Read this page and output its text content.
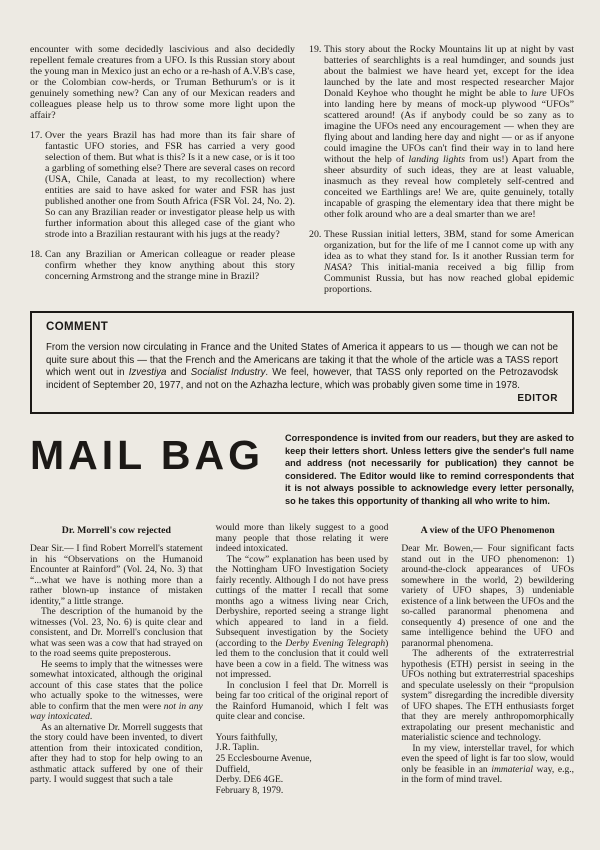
encounter with some decidedly lascivious and also decidedly repellent female creatures from a UFO. Is this Russian story about the young man in Mexico just an echo or a re-hash of A.V.B's case, or the Colombian cow-herds, or Truman Bethurum's or is it genuinely something new? Can any of our Mexican readers and colleagues please help us to throw some more light upon the affair?

17. Over the years Brazil has had more than its fair share of fantastic UFO stories, and FSR has carried a very good selection of them. But what is this? Is it a new case, or is it too a garbling of something else? There are several cases on record (USA, Chile, Canada at least, to my recollection) where entities are said to have asked for water and FSR has just published another one from South Africa (FSR Vol. 24, No. 2). So can any Brazilian reader or investigator please help us with further information about this alleged case of the giant who strode into a Brazilian restaurant with his jugs at the ready?
18. Can any Brazilian or American colleague or reader please confirm whether they know anything about this story concerning Armstrong and the strange mine in Brazil?
19. This story about the Rocky Mountains lit up at night by vast batteries of searchlights is a real humdinger, and sounds just about the balmiest we have heard yet, except for the idea launched by the late and most respected researcher Major Donald Keyhoe who thought he might be able to lure UFOs into landing here by means of mock-up plywood “UFOs” scattered around! (As if anybody could be so zany as to imagine the UFOs need any encouragement — when they are flying about and landing here day and night — or as if anyone could imagine the UFOs can't find their way in to land here without the help of landing lights from us!) Apart from the sheer absurdity of such ideas, they are at least valuable, inasmuch as they reveal how completely self-centred and conceited we Earthlings are! We are, quite genuinely, totally incapable of grasping the elementary idea that there might be other folk around who are a deal smarter than we are!
20. These Russian initial letters, ЗВМ, stand for some American organization, but for the life of me I cannot come up with any idea as to what they stand for. Is it another Russian term for NASA? This initial-mania received a big fillip from Communist Russia, but has now reached global epidemic proportions.
COMMENT

From the version now circulating in France and the United States of America it appears to us — though we can not be quite sure about this — that the French and the Americans are taking it that the whole of the article was a TASS report which went out in Izvestiya and Socialist Industry. We feel, however, that TASS only reported on the Petrozavodsk incident of September 20, 1977, and not on the Azhazha lecture, which was probably given some time in 1978.

EDITOR
MAIL BAG	Correspondence is invited from our readers, but they are asked to keep their letters short. Unless letters give the sender's full name and address (not necessarily for publication) they cannot be considered. The Editor would like to remind correspondents that it is not always possible to acknowledge every letter personally, so he takes this opportunity of thanking all who write to him.

Dr. Morrell's cow rejected

Dear Sir.— I find Robert Morrell's statement in his “Observations on the Humanoid Encounter at Rainford” (Vol. 24, No. 3) that “...what we have is nothing more than a rather blown-up instance of mistaken identity,” a little strange.

The description of the humanoid by the witnesses (Vol. 23, No. 6) is quite clear and consistent, and Dr. Morrell's conclusion that what was seen was a cow that had strayed on to the road seems quite preposterous.

He seems to imply that the witnesses were somewhat intoxicated, although the original account of this case states that the police who actually spoke to the witnesses, were able to confirm that the men were not in any way intoxicated.

As an alternative Dr. Morrell suggests that the story could have been invented, to divert attention from their intoxicated condition, after they had to stop for help owing to an asthmatic attack suffered by one of their party. I would suggest that such a tale

would more than likely suggest to a good many people that those relating it were indeed intoxicated.

The “cow” explanation has been used by the Nottingham UFO Investigation Society fairly recently. Although I do not have press cuttings of the matter I recall that some months ago a witness living near Crich, Derbyshire, reported seeing a strange light which appeared to land in a field. Subsequent investigation by the Society (according to the Derby Evening Telegraph) led them to the conclusion that it could well have been a cow in a field. The witness was not impressed.

In conclusion I feel that Dr. Morrell is being far too critical of the original report of the Rainford Humanoid, which I felt was quite clear and concise.

Yours faithfully,
J.R. Taplin.
25 Ecclesbourne Avenue,
Duffield,
Derby. DE6 4GE.
February 8, 1979.
A view of the UFO Phenomenon

Dear Mr. Bowen,— Four significant facts stand out in the UFO phenomenon: 1) around-the-clock appearances of UFOs somewhere in the world, 2) bewildering variety of UFO shapes, 3) undeniable existence of a link between the UFOs and the so-called paranormal phenomena and consequently 4) presence of one and the same intelligence behind the UFO and paranormal phenomena.

The adherents of the extraterrestrial hypothesis (ETH) persist in seeing in the UFOs nothing but extraterrestrial spaceships and speculate uselessly on their “propulsion system” disregarding the incredible diversity of UFO shapes. The ETH enthusiasts forget that they are merely anthropomorphically extrapolating our present mechanistic and materialistic science and technology.

In my view, interstellar travel, for which even the speed of light is far too slow, would only be feasible in an immaterial way, e.g., in the form of mind travel.
